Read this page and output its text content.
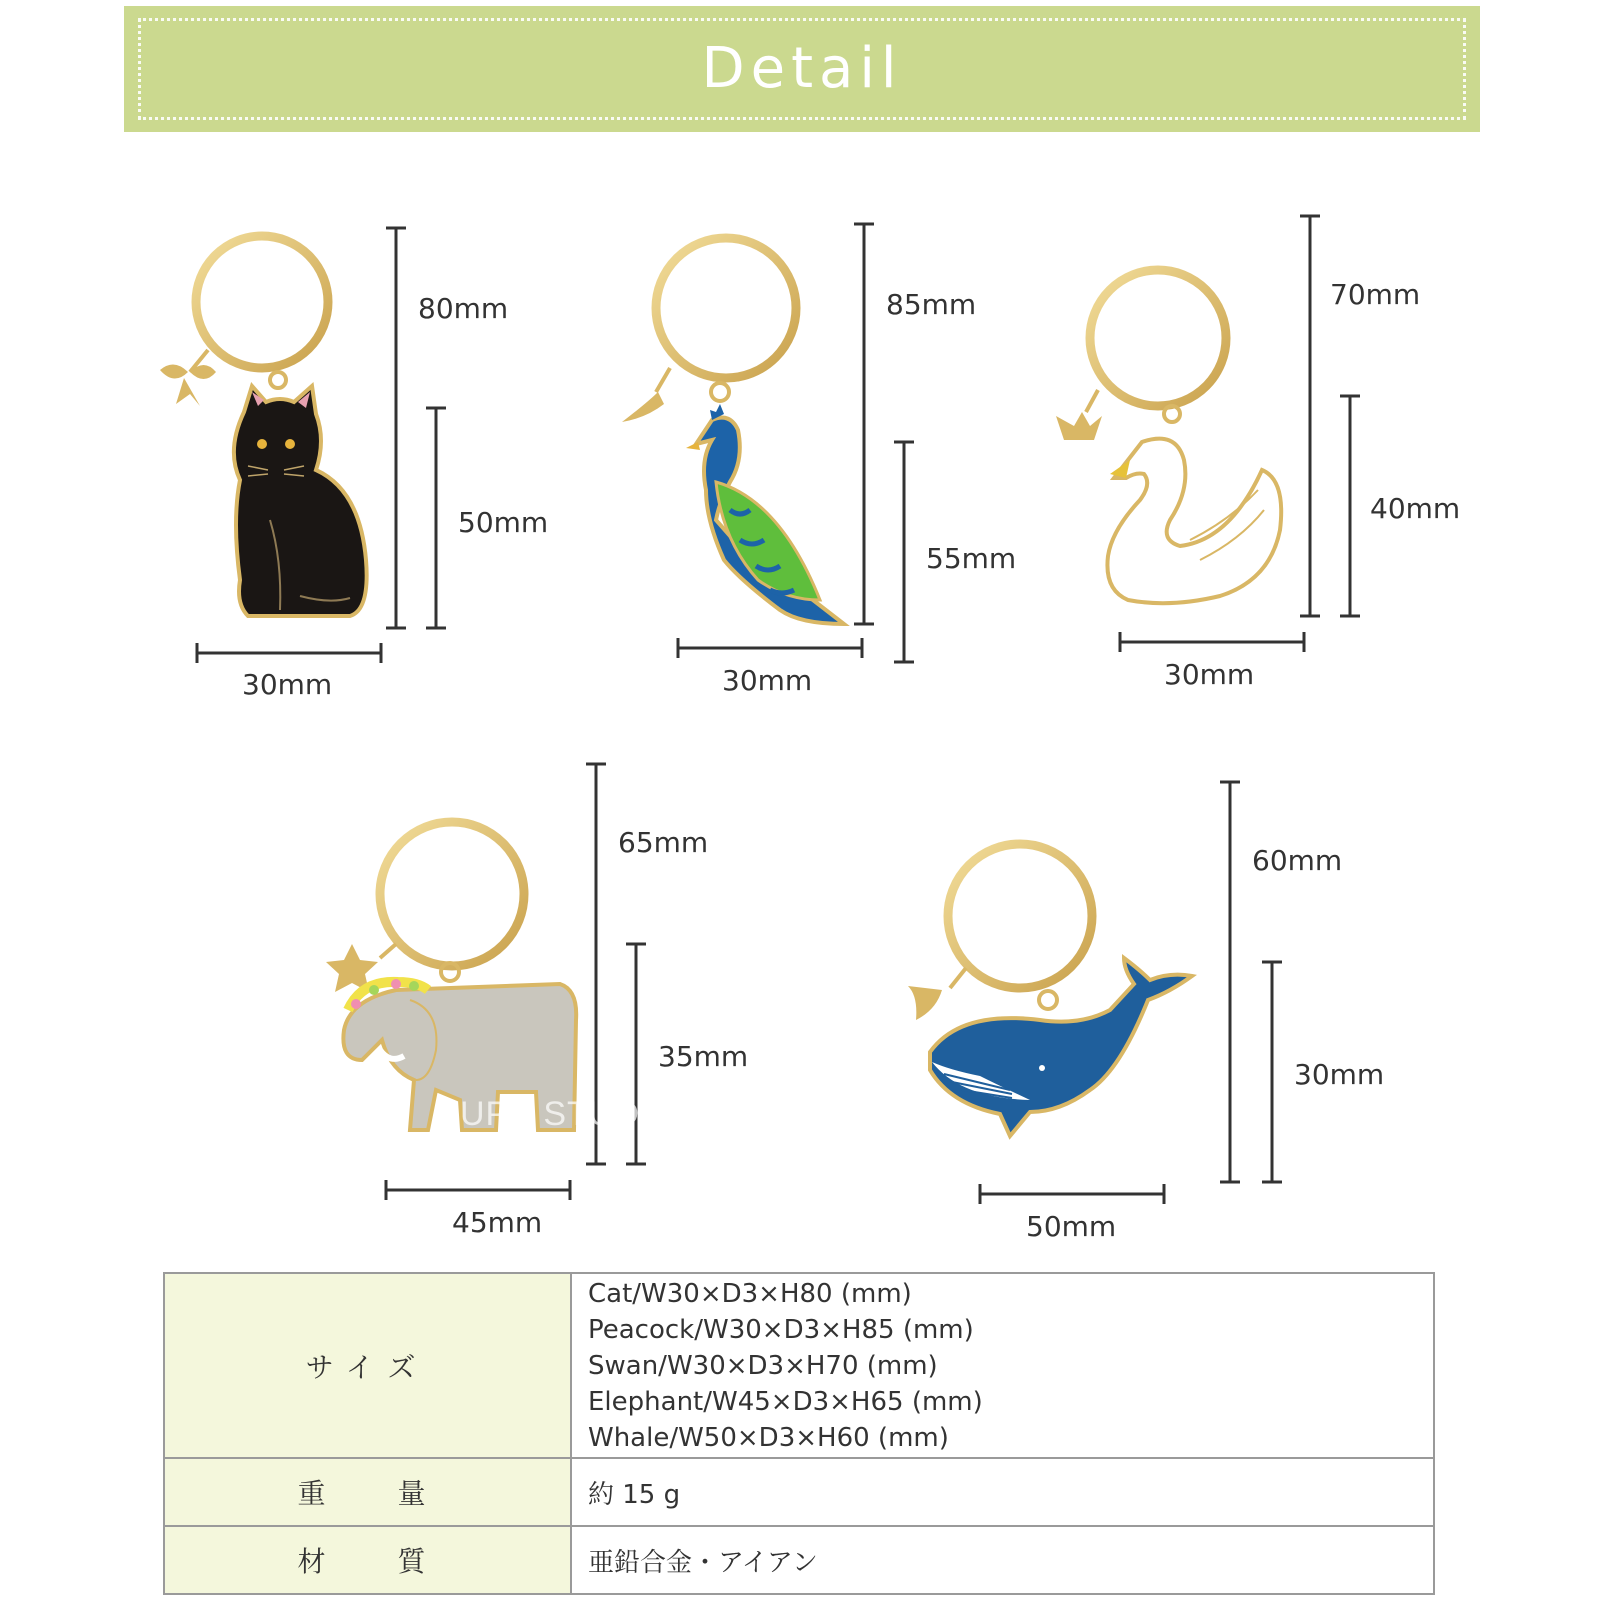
Detail
80mm
50mm
30mm
85mm
55mm
30mm
70mm
40mm
30mm
65mm
35mm
45mm
60mm
30mm
50mm
UPE STUDIO
サイズ	Cat/W30×D3×H80 (mm)
Peacock/W30×D3×H85 (mm)
Swan/W30×D3×H70 (mm)
Elephant/W45×D3×H65 (mm)
Whale/W50×D3×H60 (mm)

重量	約 15 g
材質	亜鉛合金・アイアン
